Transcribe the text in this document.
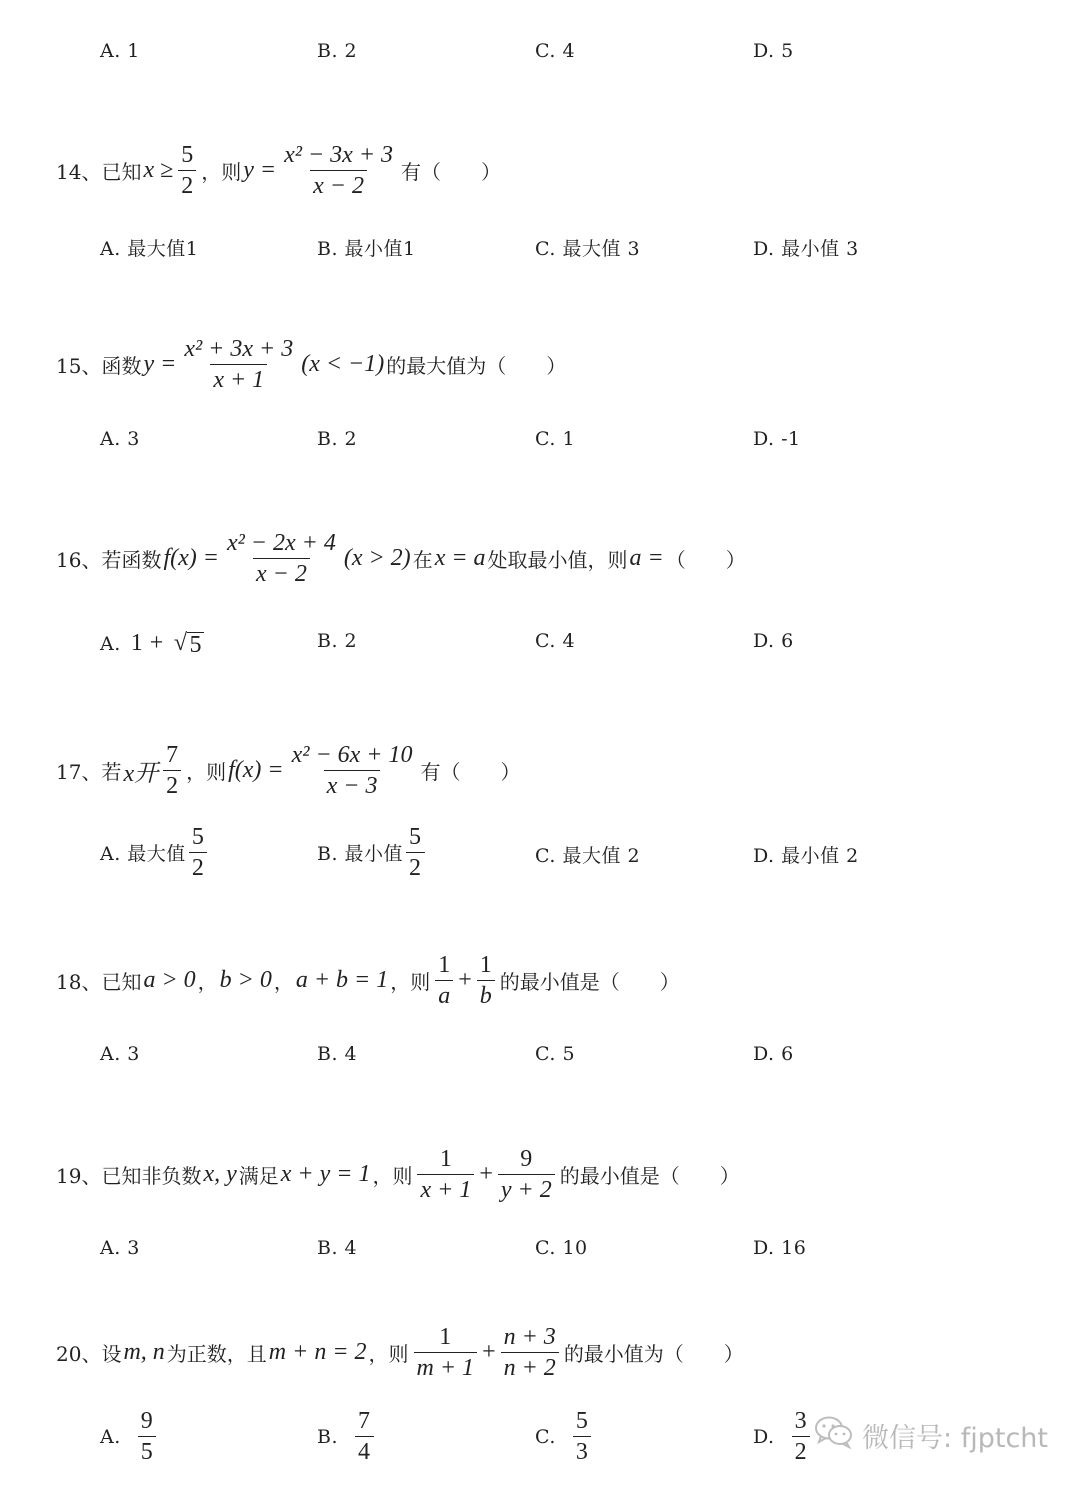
A. 1	B. 2	C. 4	D. 5
14、已知 $x \ge \frac{5}{2}$ ，则 $y = \frac{\text{x² − 3x + 3}}{x - 2}$ 有（　　）
A. 最大值1	B. 最小值1	C. 最大值 3	D. 最小值 3
15、函数 $y = \frac{\text{x² + 3x + 3}}{x + 1} (x < -1)$ 的最大值为（　　）
A. 3	B. 2	C. 1	D. -1
16、若函数 $f(x) = \frac{\text{x² − 2x + 4}}{x - 2} (x > 2)$ 在 x = a 处取最小值，则 a = （　　）
A. 1 + √ 5	B. 2	C. 4	D. 6
17、若 x开 $\frac{7}{2}$ ，则 $f(x) = \frac{\text{x² − 6x + 10}}{x - 3}$ 有（　　）
A. 最大值 $\frac{5}{2}$	B. 最小值 $\frac{5}{2}$	C. 最大值 2	D. 最小值 2
18、已知 a > 0 ， b > 0 ， a + b = 1 ，则 $\frac{1}{a} + \frac{1}{b}$ 的最小值是（　　）
A. 3	B. 4	C. 5	D. 6
19、已知非负数 x, y 满足 x + y = 1 ，则 $\frac{1}{x + 1} + \frac{9}{y + 2}$ 的最小值是（　　）
A. 3	B. 4	C. 10	D. 16
20、设 m, n 为正数，且 m + n = 2 ，则 $\frac{1}{m + 1} + \frac{n + 3}{n + 2}$ 的最小值为（　　）
A. $\frac{9}{5}$	B. $\frac{7}{4}$	C. $\frac{5}{3}$	D. $\frac{3}{2}$ 微信号: fjptcht
